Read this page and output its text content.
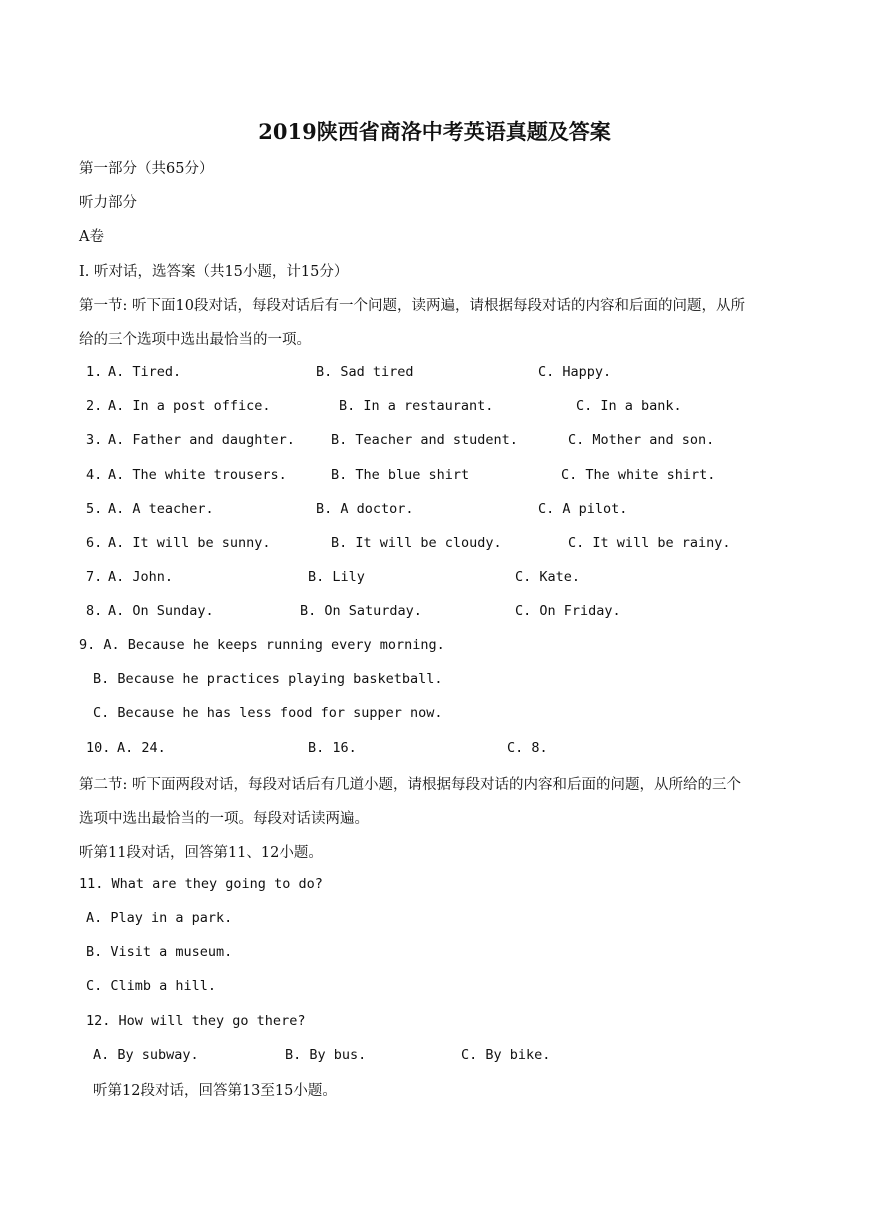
2019陕西省商洛中考英语真题及答案
第一部分（共65分）
听力部分
A卷
I. 听对话，选答案（共15小题，计15分）
第一节: 听下面10段对话，每段对话后有一个问题，读两遍，请根据每段对话的内容和后面的问题，从所
给的三个选项中选出最恰当的一项。
1. A. Tired.	B. Sad tired	C. Happy.
2. A. In a post office.	B. In a restaurant.	C. In a bank.
3. A. Father and daughter.	B. Teacher and student.	C. Mother and son.
4. A. The white trousers.	B. The blue shirt	C. The white shirt.
5. A. A teacher.	B. A doctor.	C. A pilot.
6. A. It will be sunny.	B. It will be cloudy.	C. It will be rainy.
7. A. John.	B. Lily	C. Kate.
8. A. On Sunday.	B. On Saturday.	C. On Friday.
9. A. Because he keeps running every morning.
B. Because he practices playing basketball.
C. Because he has less food for supper now.
10. A. 24.	B. 16.	C. 8.
第二节: 听下面两段对话，每段对话后有几道小题，请根据每段对话的内容和后面的问题，从所给的三个
选项中选出最恰当的一项。每段对话读两遍。
听第11段对话，回答第11、12小题。
11. What are they going to do?
A. Play in a park.
B. Visit a museum.
C. Climb a hill.
12. How will they go there?
A. By subway.	B. By bus.	C. By bike.
听第12段对话，回答第13至15小题。
